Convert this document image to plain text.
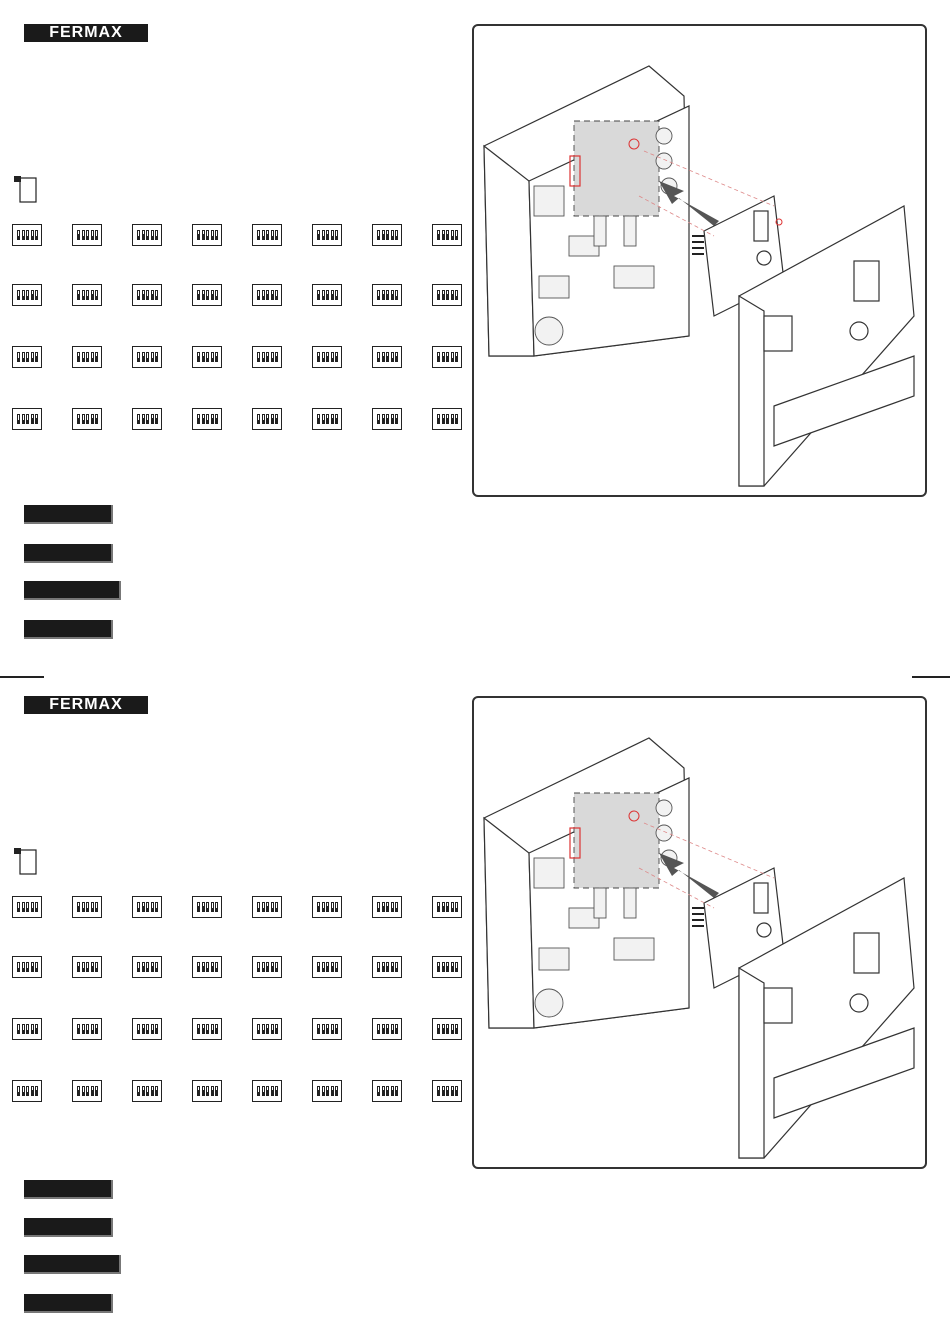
FERMAX
FERMAX
